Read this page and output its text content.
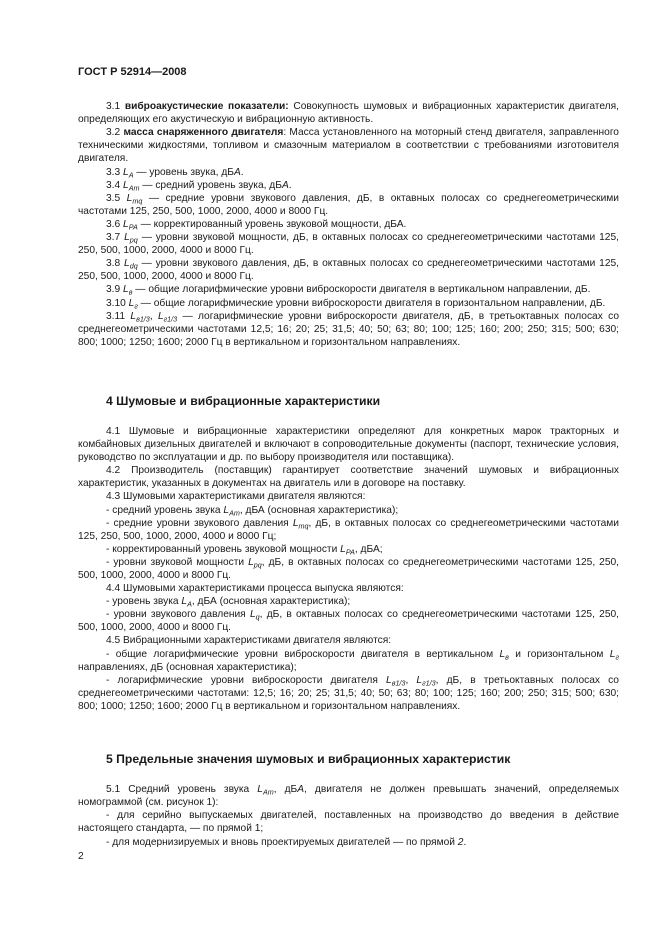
ГОСТ Р 52914—2008

3.1 виброакустические показатели: Совокупность шумовых и вибрационных характеристик двигателя, определяющих его акустическую и вибрационную активность.

3.2 масса снаряженного двигателя: Масса установленного на моторный стенд двигателя, заправленного техническими жидкостями, топливом и смазочным материалом в соответствии с требованиями изготовителя двигателя.

3.3 $L_A$ — уровень звука, дБA.

3.4 $L_{Am}$ — средний уровень звука, дБA.

3.5 $L_{mq}$ — средние уровни звукового давления, дБ, в октавных полосах со среднегеометрическими частотами 125, 250, 500, 1000, 2000, 4000 и 8000 Гц.

3.6 $L_{PA}$ — корректированный уровень звуковой мощности, дБА.

3.7 $L_{pq}$ — уровни звуковой мощности, дБ, в октавных полосах со среднегеометрическими частотами 125, 250, 500, 1000, 2000, 4000 и 8000 Гц.

3.8 $L_{dq}$ — уровни звукового давления, дБ, в октавных полосах со среднегеометрическими частотами 125, 250, 500, 1000, 2000, 4000 и 8000 Гц.

3.9 $L_в$ — общие логарифмические уровни виброскорости двигателя в вертикальном направлении, дБ.

3.10 $L_г$ — общие логарифмические уровни виброскорости двигателя в горизонтальном направлении, дБ.

3.11 $L_{в1/3}$, $L_{г1/3}$ — логарифмические уровни виброскорости двигателя, дБ, в третьоктавных полосах со среднегеометрическими частотами 12,5; 16; 20; 25; 31,5; 40; 50; 63; 80; 100; 125; 160; 200; 250; 315; 500; 630; 800; 1000; 1250; 1600; 2000 Гц в вертикальном и горизонтальном направлениях.

4 Шумовые и вибрационные характеристики

4.1 Шумовые и вибрационные характеристики определяют для конкретных марок тракторных и комбайновых дизельных двигателей и включают в сопроводительные документы (паспорт, технические условия, руководство по эксплуатации и др. по выбору производителя или поставщика).

4.2 Производитель (поставщик) гарантирует соответствие значений шумовых и вибрационных характеристик, указанных в документах на двигатель или в договоре на поставку.

4.3 Шумовыми характеристиками двигателя являются:

- средний уровень звука $L_{Am}$, дБА (основная характеристика);

- средние уровни звукового давления $L_{mq}$, дБ, в октавных полосах со среднегеометрическими частотами 125, 250, 500, 1000, 2000, 4000 и 8000 Гц;

- корректированный уровень звуковой мощности $L_{PA}$, дБА;

- уровни звуковой мощности $L_{pq}$, дБ, в октавных полосах со среднегеометрическими частотами 125, 250, 500, 1000, 2000, 4000 и 8000 Гц.

4.4 Шумовыми характеристиками процесса выпуска являются:

- уровень звука $L_A$, дБА (основная характеристика);

- уровни звукового давления $L_q$, дБ, в октавных полосах со среднегеометрическими частотами 125, 250, 500, 1000, 2000, 4000 и 8000 Гц.

4.5 Вибрационными характеристиками двигателя являются:

- общие логарифмические уровни виброскорости двигателя в вертикальном $L_в$ и горизонтальном $L_г$ направлениях, дБ (основная характеристика);

- логарифмические уровни виброскорости двигателя $L_{в1/3}$, $L_{г1/3}$, дБ, в третьоктавных полосах со среднегеометрическими частотами: 12,5; 16; 20; 25; 31,5; 40; 50; 63; 80; 100; 125; 160; 200; 250; 315; 500; 630; 800; 1000; 1250; 1600; 2000 Гц в вертикальном и горизонтальном направлениях.

5 Предельные значения шумовых и вибрационных характеристик

5.1 Средний уровень звука $L_{Am}$, дБA, двигателя не должен превышать значений, определяемых номограммой (см. рисунок 1):

- для серийно выпускаемых двигателей, поставленных на производство до введения в действие настоящего стандарта, — по прямой 1;

- для модернизируемых и вновь проектируемых двигателей — по прямой 2.

2
